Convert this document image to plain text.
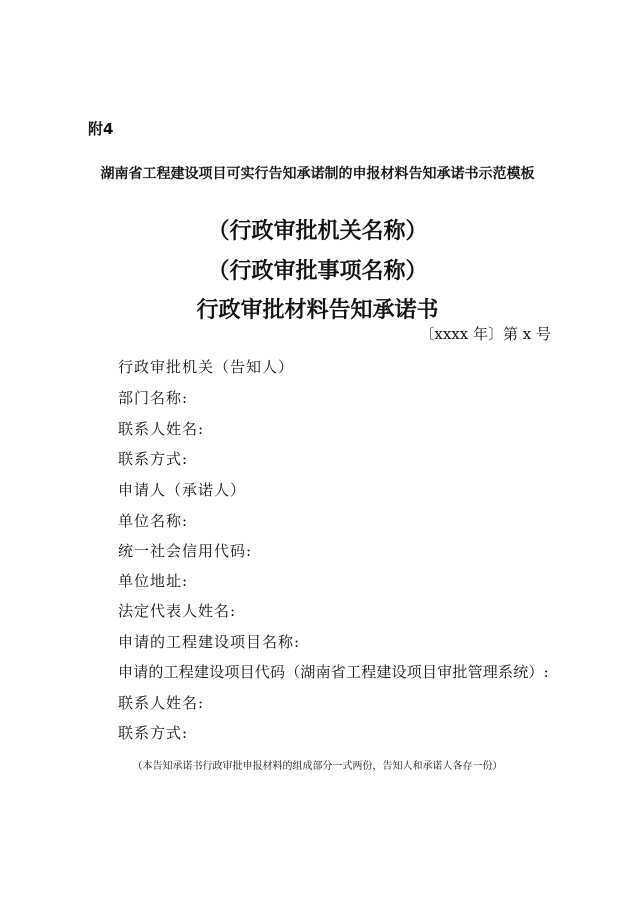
附4
湖南省工程建设项目可实行告知承诺制的申报材料告知承诺书示范模板
（行政审批机关名称）
（行政审批事项名称）
行政审批材料告知承诺书
〔xxxx 年〕第 x 号
行政审批机关（告知人）
部门名称:
联系人姓名:
联系方式:
申请人（承诺人）
单位名称:
统一社会信用代码:
单位地址:
法定代表人姓名:
申请的工程建设项目名称:
申请的工程建设项目代码（湖南省工程建设项目审批管理系统）:
联系人姓名:
联系方式:
（本告知承诺书行政审批申报材料的组成部分一式两份，告知人和承诺人各存一份）
